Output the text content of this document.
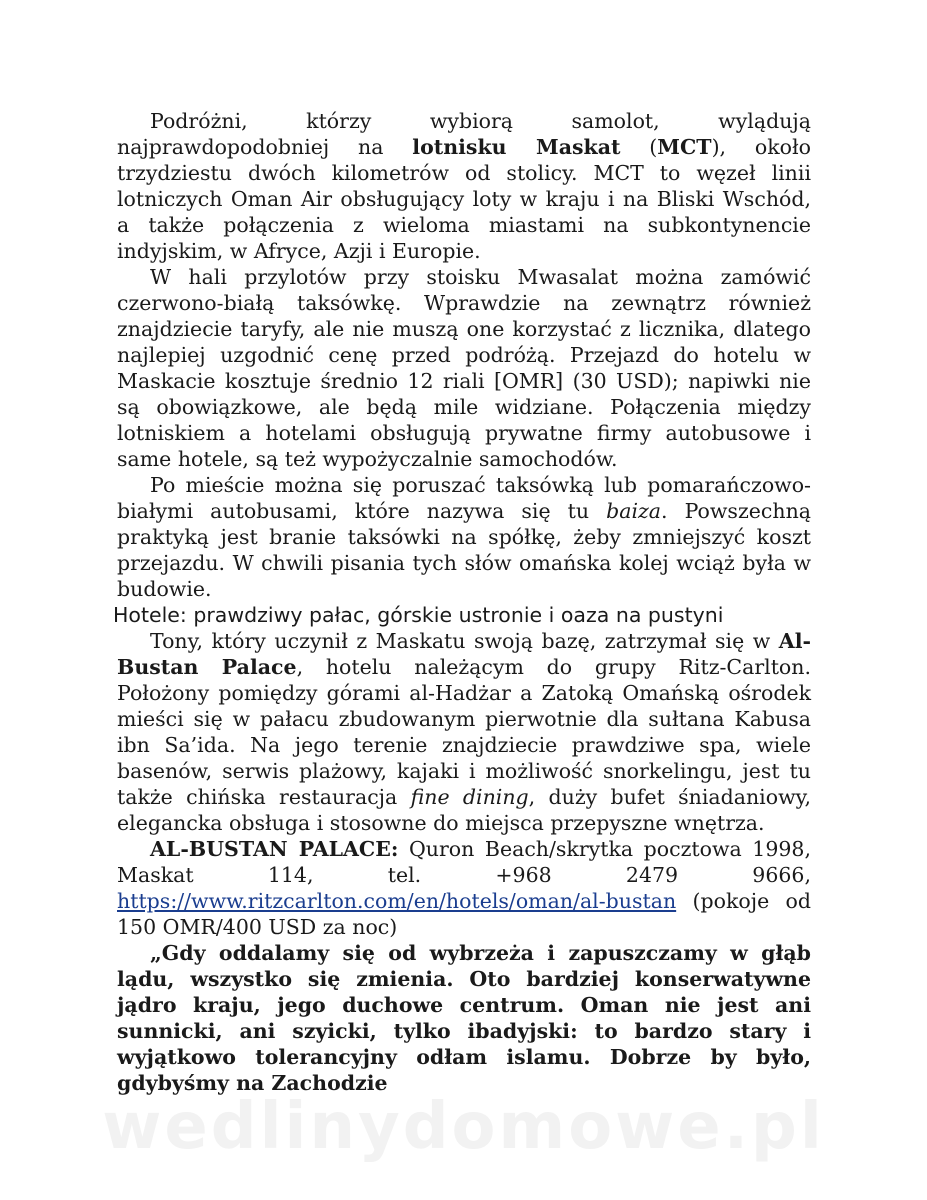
Podróżni, którzy wybiorą samolot, wylądują najprawdopodobniej na lotnisku Maskat (MCT), około trzydziestu dwóch kilometrów od stolicy. MCT to węzeł linii lotniczych Oman Air obsługujący loty w kraju i na Bliski Wschód, a także połączenia z wieloma miastami na subkontynencie indyjskim, w Afryce, Azji i Europie.

W hali przylotów przy stoisku Mwasalat można zamówić czerwono-białą taksówkę. Wprawdzie na zewnątrz również znajdziecie taryfy, ale nie muszą one korzystać z licznika, dlatego najlepiej uzgodnić cenę przed podróżą. Przejazd do hotelu w Maskacie kosztuje średnio 12 riali [OMR] (30 USD); napiwki nie są obowiązkowe, ale będą mile widziane. Połączenia między lotniskiem a hotelami obsługują prywatne firmy autobusowe i same hotele, są też wypożyczalnie samochodów.

Po mieście można się poruszać taksówką lub pomarańczowo-białymi autobusami, które nazywa się tu baiza. Powszechną praktyką jest branie taksówki na spółkę, żeby zmniejszyć koszt przejazdu. W chwili pisania tych słów omańska kolej wciąż była w budowie.

Hotele: prawdziwy pałac, górskie ustronie i oaza na pustyni

Tony, który uczynił z Maskatu swoją bazę, zatrzymał się w Al-Bustan Palace, hotelu należącym do grupy Ritz-Carlton. Położony pomiędzy górami al-Hadżar a Zatoką Omańską ośrodek mieści się w pałacu zbudowanym pierwotnie dla sułtana Kabusa ibn Sa’ida. Na jego terenie znajdziecie prawdziwe spa, wiele basenów, serwis plażowy, kajaki i możliwość snorkelingu, jest tu także chińska restauracja fine dining, duży bufet śniadaniowy, elegancka obsługa i stosowne do miejsca przepyszne wnętrza.

AL-BUSTAN PALACE: Quron Beach/skrytka pocztowa 1998, Maskat 114, tel. +968 2479 9666, https://www.ritzcarlton.com/en/hotels/oman/al-bustan (pokoje od 150 OMR/400 USD za noc)

„Gdy oddalamy się od wybrzeża i zapuszczamy w głąb lądu, wszystko się zmienia. Oto bardziej konserwatywne jądro kraju, jego duchowe centrum. Oman nie jest ani sunnicki, ani szyicki, tylko ibadyjski: to bardzo stary i wyjątkowo tolerancyjny odłam islamu. Dobrze by było, gdybyśmy na Zachodzie

wedlinydomowe.pl
